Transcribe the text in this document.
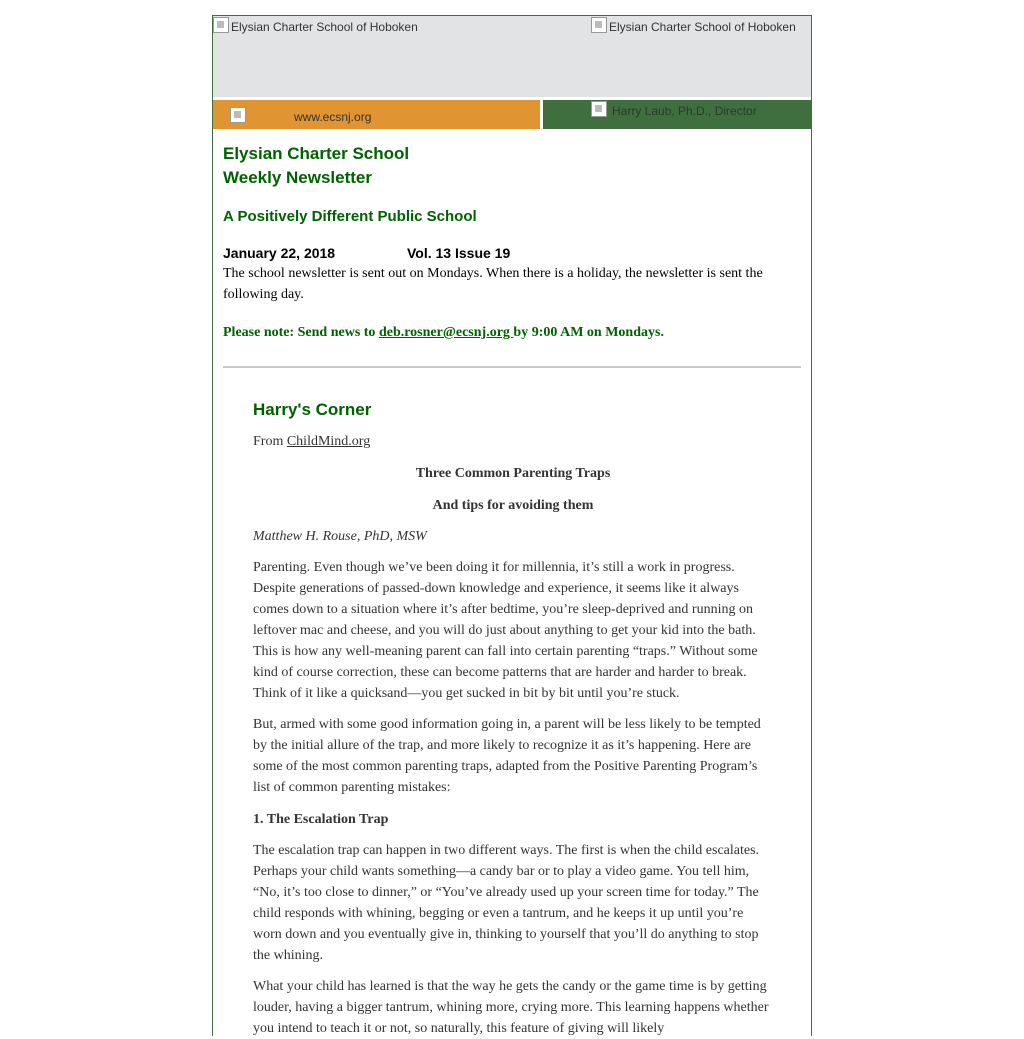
Elysian Charter School of Hoboken	Elysian Charter School of Hoboken
www.ecsnj.org	Harry Laub, Ph.D., Director
Elysian Charter School
Weekly Newsletter
A Positively Different Public School
January 22, 2018	Vol. 13 Issue 19
The school newsletter is sent out on Mondays. When there is a holiday, the newsletter is sent the following day.
Please note: Send news to deb.rosner@ecsnj.org by 9:00 AM on Mondays.
Harry's Corner

From ChildMind.org

Three Common Parenting Traps

And tips for avoiding them

Matthew H. Rouse, PhD, MSW

Parenting. Even though we’ve been doing it for millennia, it’s still a work in progress. Despite generations of passed-down knowledge and experience, it seems like it always comes down to a situation where it’s after bedtime, you’re sleep-deprived and running on leftover mac and cheese, and you will do just about anything to get your kid into the bath. This is how any well-meaning parent can fall into certain parenting “traps.” Without some kind of course correction, these can become patterns that are harder and harder to break. Think of it like a quicksand—you get sucked in bit by bit until you’re stuck.

But, armed with some good information going in, a parent will be less likely to be tempted by the initial allure of the trap, and more likely to recognize it as it’s happening. Here are some of the most common parenting traps, adapted from the Positive Parenting Program’s list of common parenting mistakes:

1. The Escalation Trap

The escalation trap can happen in two different ways. The first is when the child escalates. Perhaps your child wants something—a candy bar or to play a video game. You tell him, “No, it’s too close to dinner,” or “You’ve already used up your screen time for today.” The child responds with whining, begging or even a tantrum, and he keeps it up until you’re worn down and you eventually give in, thinking to yourself that you’ll do anything to stop the whining.

What your child has learned is that the way he gets the candy or the game time is by getting louder, having a bigger tantrum, whining more, crying more. This learning happens whether you intend to teach it or not, so naturally, this feature of giving will likely
